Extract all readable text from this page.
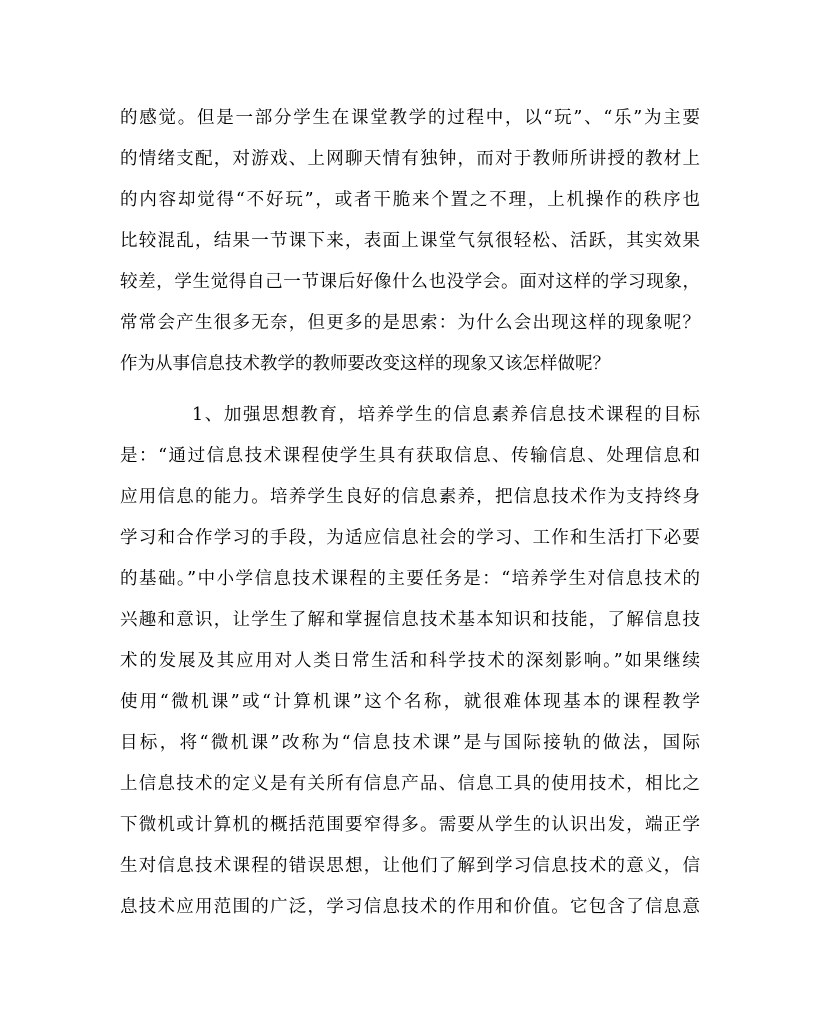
的感觉。但是一部分学生在课堂教学的过程中，以“玩”、“乐”为主要
的情绪支配，对游戏、上网聊天情有独钟，而对于教师所讲授的教材上
的内容却觉得“不好玩”，或者干脆来个置之不理，上机操作的秩序也
比较混乱，结果一节课下来，表面上课堂气氛很轻松、活跃，其实效果
较差，学生觉得自己一节课后好像什么也没学会。面对这样的学习现象，
常常会产生很多无奈，但更多的是思索：为什么会出现这样的现象呢？
作为从事信息技术教学的教师要改变这样的现象又该怎样做呢？
1、加强思想教育，培养学生的信息素养信息技术课程的目标
是：“通过信息技术课程使学生具有获取信息、传输信息、处理信息和
应用信息的能力。培养学生良好的信息素养，把信息技术作为支持终身
学习和合作学习的手段，为适应信息社会的学习、工作和生活打下必要
的基础。”中小学信息技术课程的主要任务是：“培养学生对信息技术的
兴趣和意识，让学生了解和掌握信息技术基本知识和技能，了解信息技
术的发展及其应用对人类日常生活和科学技术的深刻影响。”如果继续
使用“微机课”或“计算机课”这个名称，就很难体现基本的课程教学
目标，将“微机课”改称为“信息技术课”是与国际接轨的做法，国际
上信息技术的定义是有关所有信息产品、信息工具的使用技术，相比之
下微机或计算机的概括范围要窄得多。需要从学生的认识出发，端正学
生对信息技术课程的错误思想，让他们了解到学习信息技术的意义，信
息技术应用范围的广泛，学习信息技术的作用和价值。它包含了信息意
